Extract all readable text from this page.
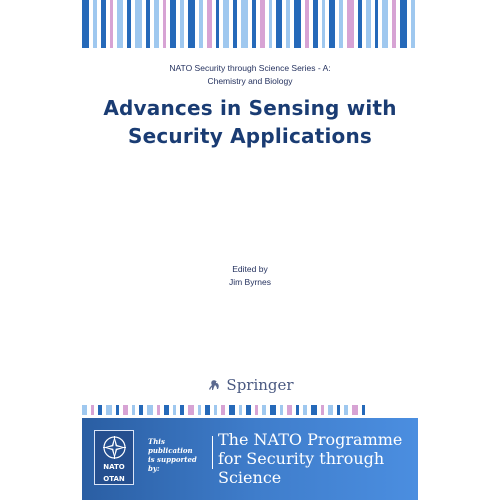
NATO Security through Science Series - A:
Chemistry and Biology
Advances in Sensing with
Security Applications
Edited by
Jim Byrnes
Springer
NATO
OTAN
This publication
is supported by:
The NATO Programme
for Security through Science
